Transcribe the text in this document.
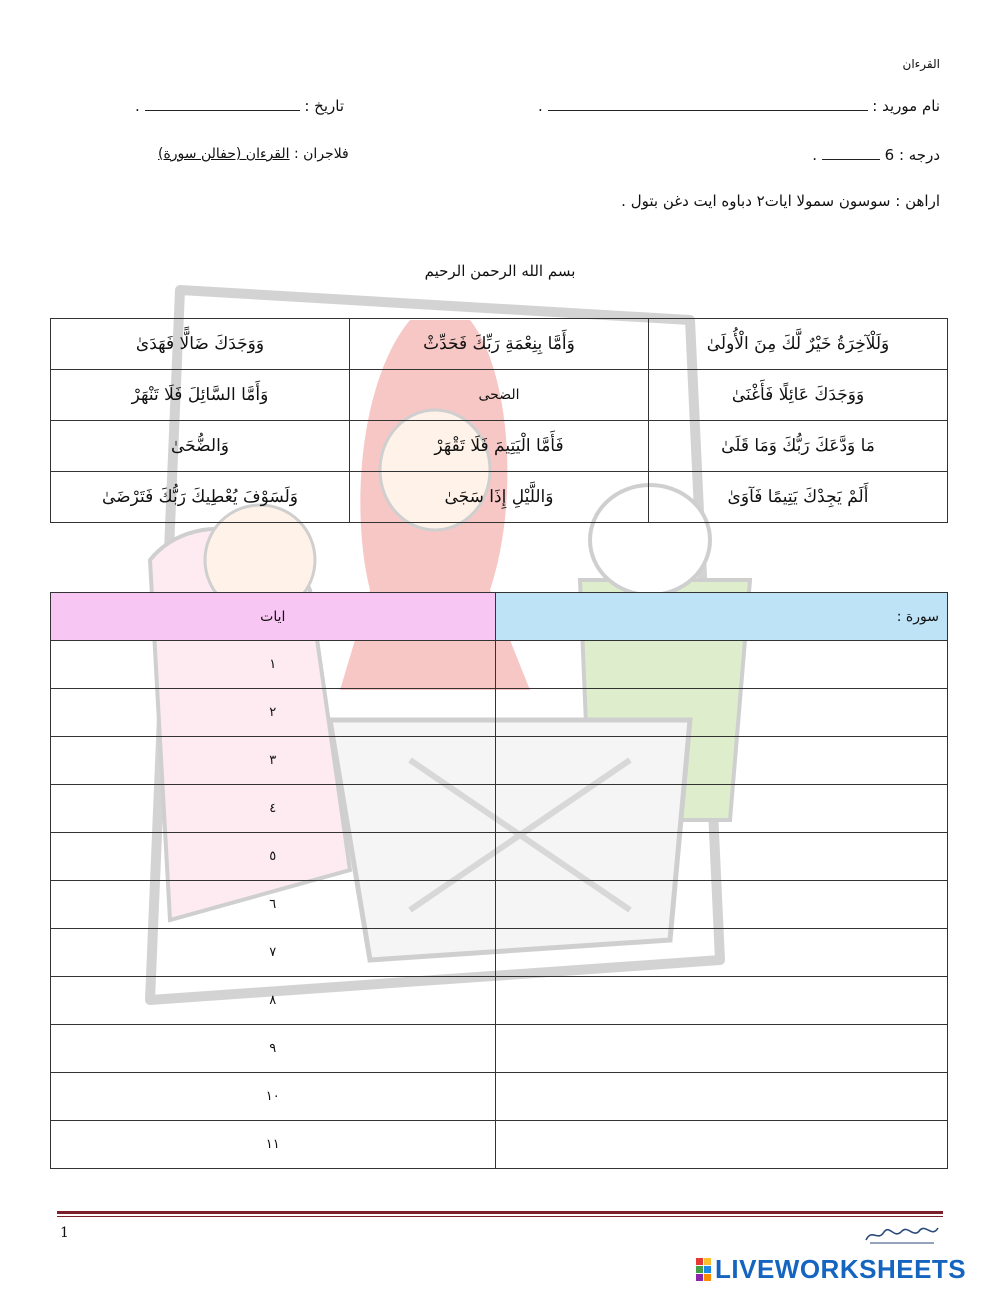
القرءان
نام موريد :  .
تاريخ :  .
درجه : 6  .
فلاجران : القرءان (حفالن سورة)
اراهن : سوسون سمولا ايات٢ دباوه ايت دغن بتول .
بسم الله الرحمن الرحيم
وَلَلْآخِرَةُ خَيْرٌ لَّكَ مِنَ الْأُولَىٰ	وَأَمَّا بِنِعْمَةِ رَبِّكَ فَحَدِّثْ	وَوَجَدَكَ ضَالًّا فَهَدَىٰ
وَوَجَدَكَ عَائِلًا فَأَغْنَىٰ	الضحى	وَأَمَّا السَّائِلَ فَلَا تَنْهَرْ
مَا وَدَّعَكَ رَبُّكَ وَمَا قَلَىٰ	فَأَمَّا الْيَتِيمَ فَلَا تَقْهَرْ	وَالضُّحَىٰ
أَلَمْ يَجِدْكَ يَتِيمًا فَآوَىٰ	وَاللَّيْلِ إِذَا سَجَىٰ	وَلَسَوْفَ يُعْطِيكَ رَبُّكَ فَتَرْضَىٰ
سورة :	ايات
	١
	٢
	٣
	٤
	٥
	٦
	٧
	٨
	٩
	١٠
	١١
1
LIVEWORKSHEETS
